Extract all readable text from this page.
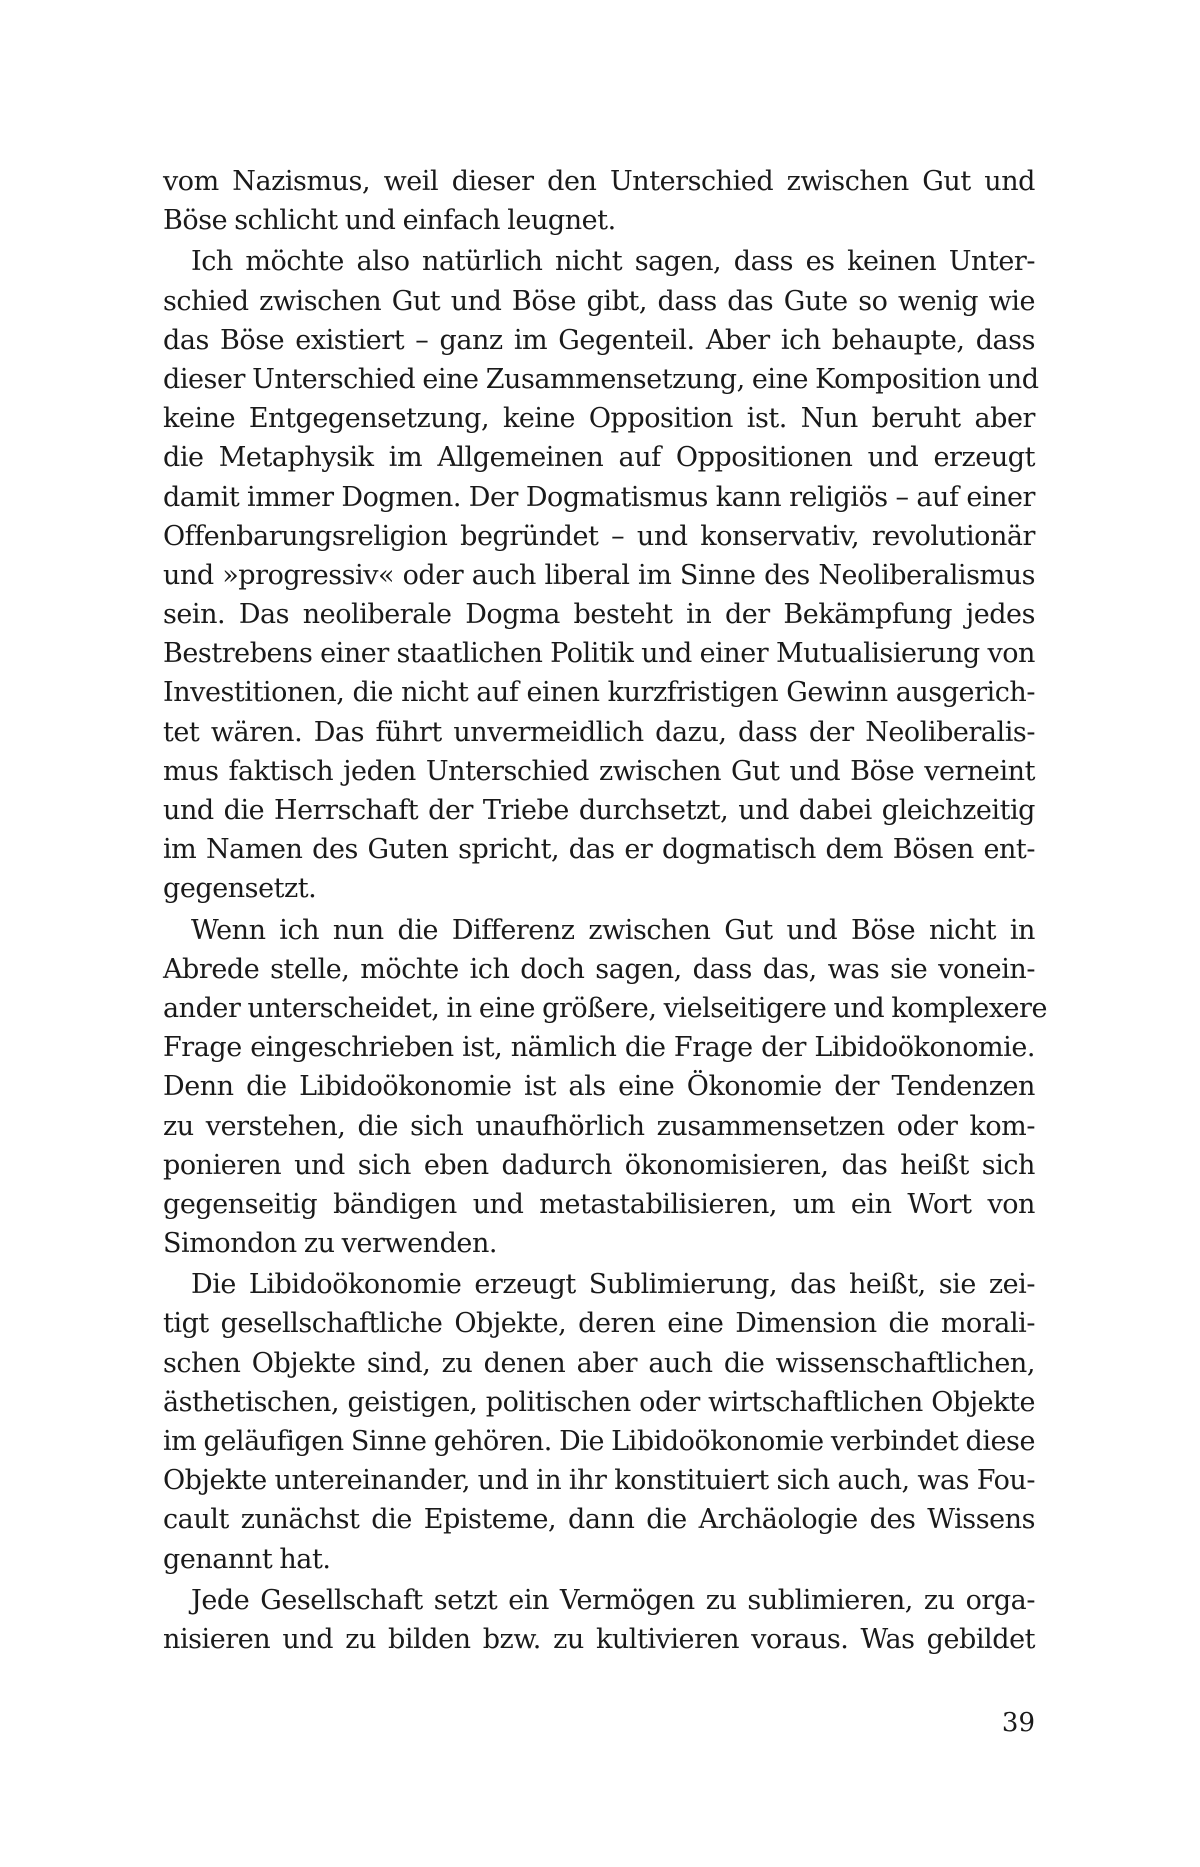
vom Nazismus, weil dieser den Unterschied zwischen Gut und
Böse schlicht und einfach leugnet.
Ich möchte also natürlich nicht sagen, dass es keinen Unter-
schied zwischen Gut und Böse gibt, dass das Gute so wenig wie
das Böse existiert – ganz im Gegenteil. Aber ich behaupte, dass
dieser Unterschied eine Zusammensetzung, eine Komposition und
keine Entgegensetzung, keine Opposition ist. Nun beruht aber
die Metaphysik im Allgemeinen auf Oppositionen und erzeugt
damit immer Dogmen. Der Dogmatismus kann religiös – auf einer
Offenbarungsreligion begründet – und konservativ, revolutionär
und »progressiv« oder auch liberal im Sinne des Neoliberalismus
sein. Das neoliberale Dogma besteht in der Bekämpfung jedes
Bestrebens einer staatlichen Politik und einer Mutualisierung von
Investitionen, die nicht auf einen kurzfristigen Gewinn ausgerich-
tet wären. Das führt unvermeidlich dazu, dass der Neoliberalis-
mus faktisch jeden Unterschied zwischen Gut und Böse verneint
und die Herrschaft der Triebe durchsetzt, und dabei gleichzeitig
im Namen des Guten spricht, das er dogmatisch dem Bösen ent-
gegensetzt.
Wenn ich nun die Differenz zwischen Gut und Böse nicht in
Abrede stelle, möchte ich doch sagen, dass das, was sie vonein-
ander unterscheidet, in eine größere, vielseitigere und komplexere
Frage eingeschrieben ist, nämlich die Frage der Libidoökonomie.
Denn die Libidoökonomie ist als eine Ökonomie der Tendenzen
zu verstehen, die sich unaufhörlich zusammensetzen oder kom-
ponieren und sich eben dadurch ökonomisieren, das heißt sich
gegenseitig bändigen und metastabilisieren, um ein Wort von
Simondon zu verwenden.
Die Libidoökonomie erzeugt Sublimierung, das heißt, sie zei-
tigt gesellschaftliche Objekte, deren eine Dimension die morali-
schen Objekte sind, zu denen aber auch die wissenschaftlichen,
ästhetischen, geistigen, politischen oder wirtschaftlichen Objekte
im geläufigen Sinne gehören. Die Libidoökonomie verbindet diese
Objekte untereinander, und in ihr konstituiert sich auch, was Fou-
cault zunächst die Episteme, dann die Archäologie des Wissens
genannt hat.
Jede Gesellschaft setzt ein Vermögen zu sublimieren, zu orga-
nisieren und zu bilden bzw. zu kultivieren voraus. Was gebildet
39
